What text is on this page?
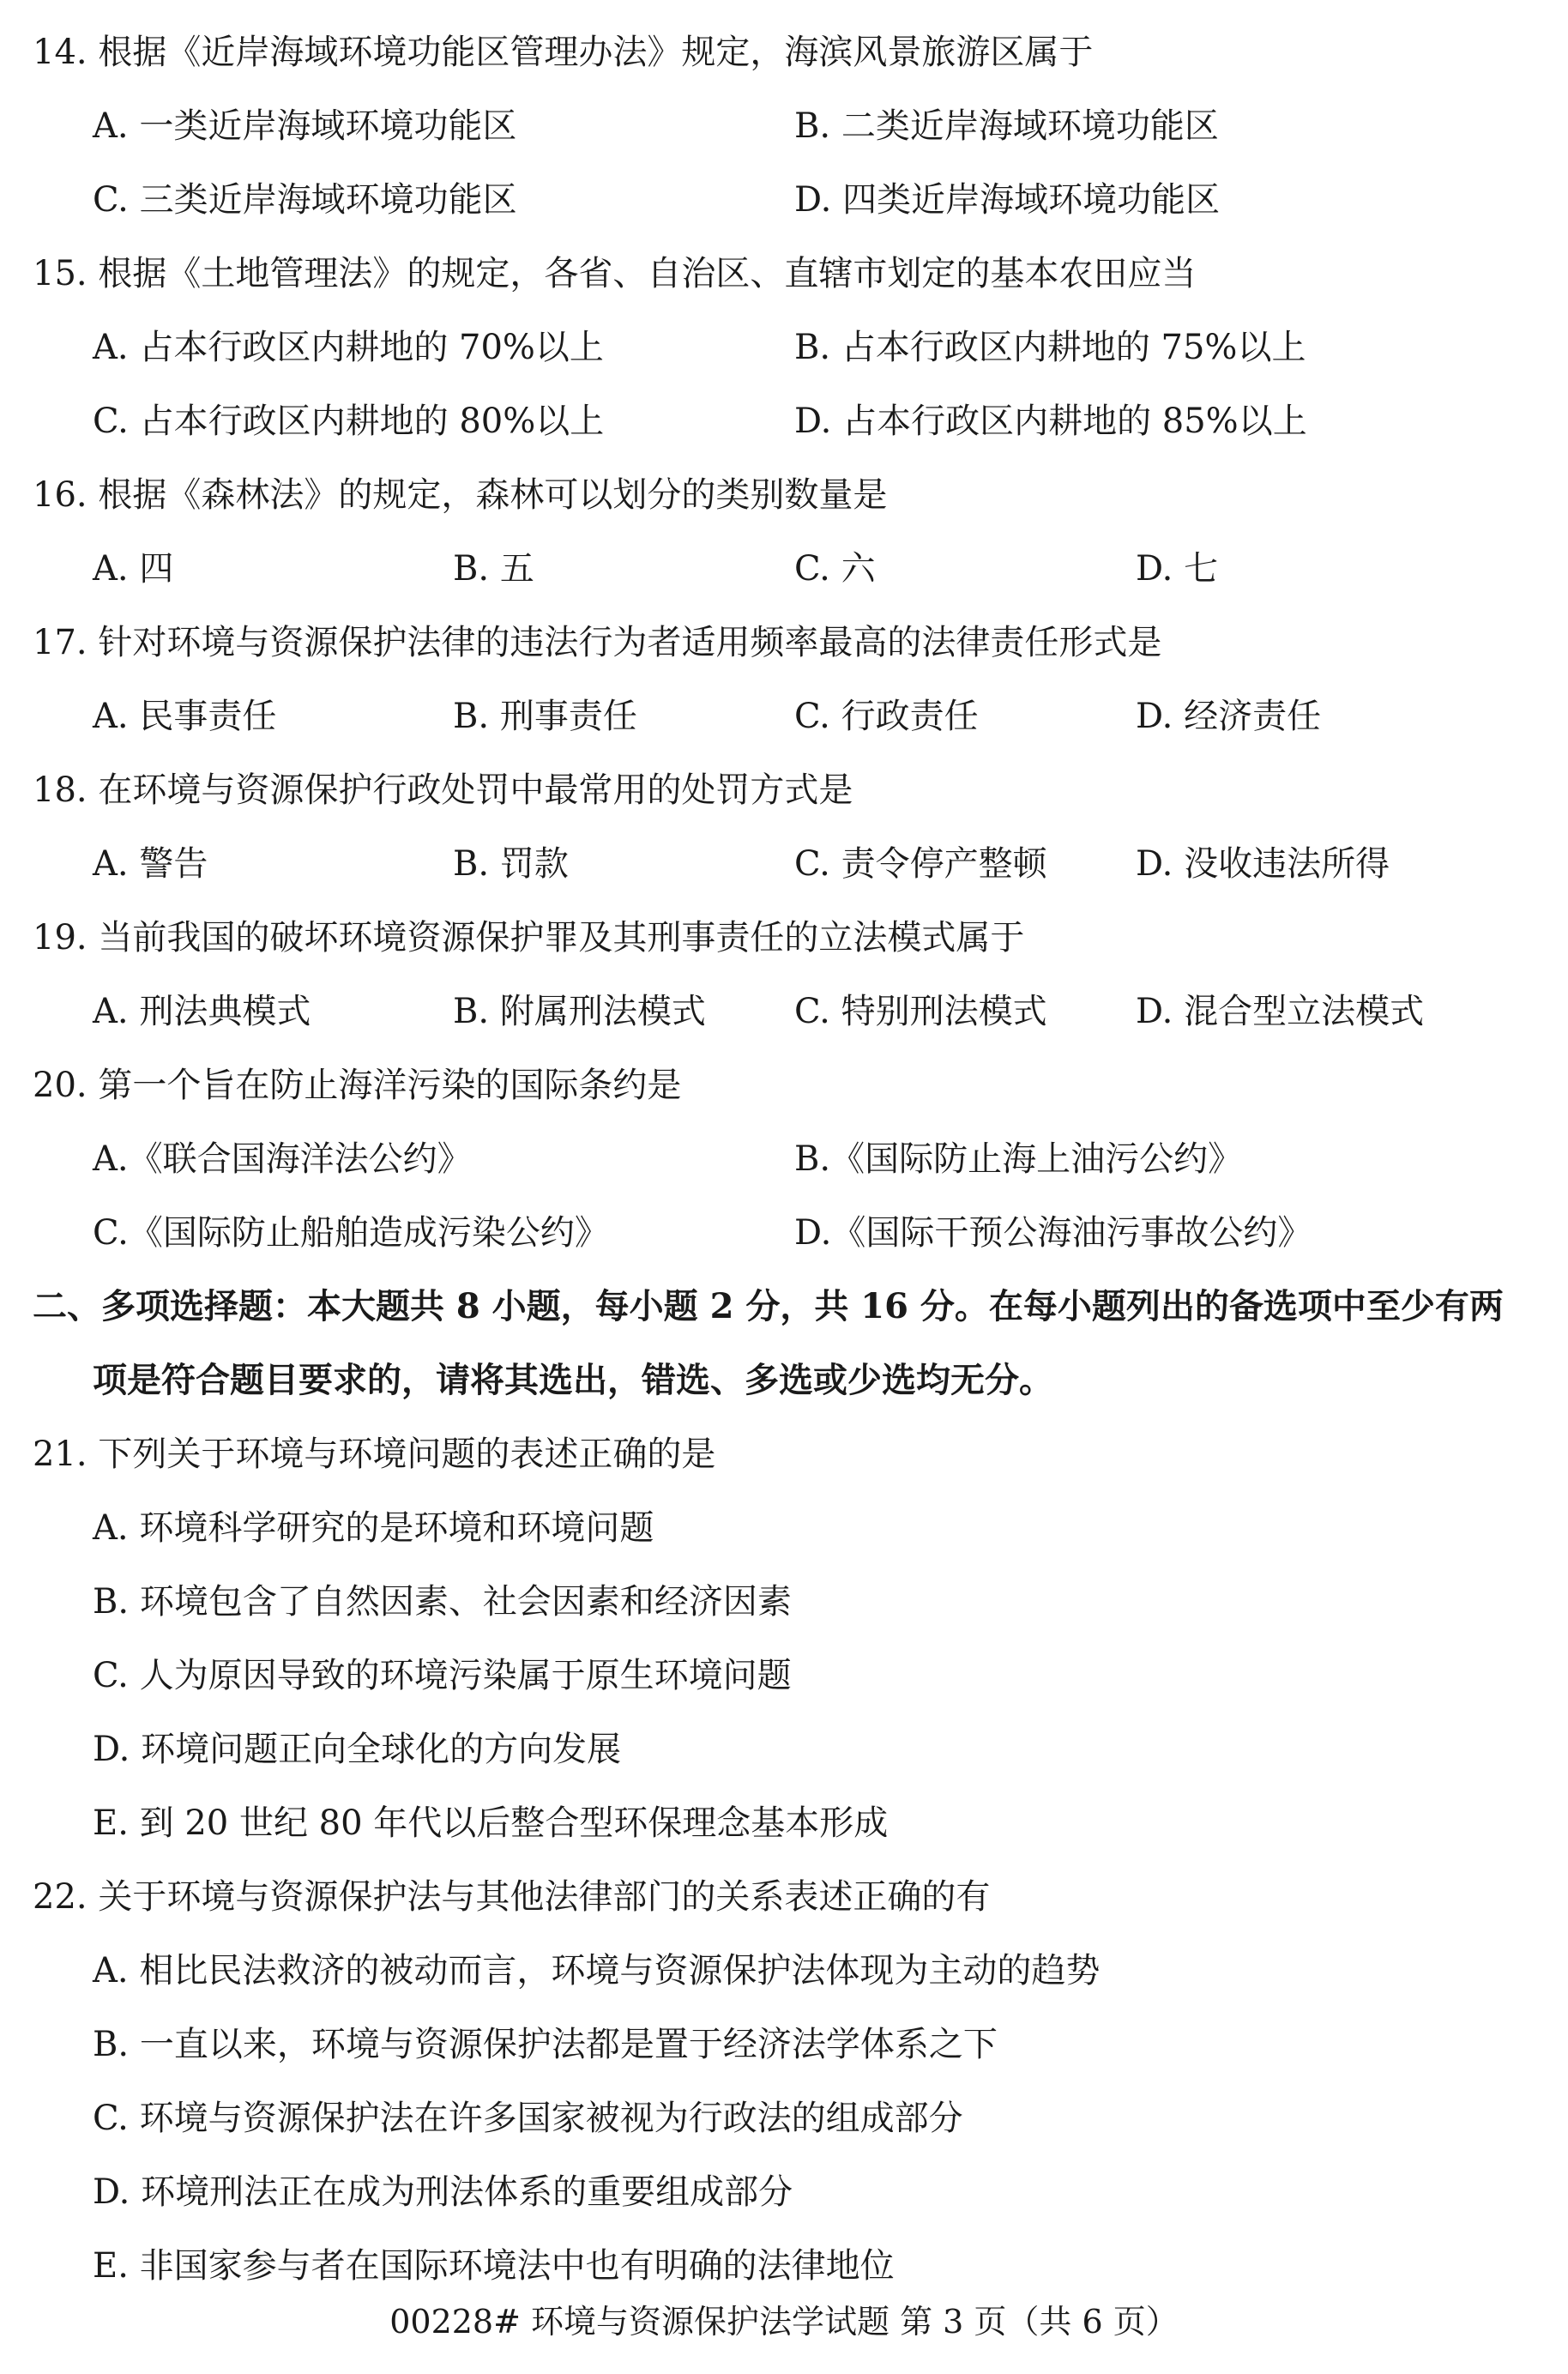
14. 根据《近岸海域环境功能区管理办法》规定，海滨风景旅游区属于
A. 一类近岸海域环境功能区	B. 二类近岸海域环境功能区
C. 三类近岸海域环境功能区	D. 四类近岸海域环境功能区
15. 根据《土地管理法》的规定，各省、自治区、直辖市划定的基本农田应当
A. 占本行政区内耕地的 70%以上	B. 占本行政区内耕地的 75%以上
C. 占本行政区内耕地的 80%以上	D. 占本行政区内耕地的 85%以上
16. 根据《森林法》的规定，森林可以划分的类别数量是
A. 四	B. 五	C. 六	D. 七
17. 针对环境与资源保护法律的违法行为者适用频率最高的法律责任形式是
A. 民事责任	B. 刑事责任	C. 行政责任	D. 经济责任
18. 在环境与资源保护行政处罚中最常用的处罚方式是
A. 警告	B. 罚款	C. 责令停产整顿	D. 没收违法所得
19. 当前我国的破坏环境资源保护罪及其刑事责任的立法模式属于
A. 刑法典模式	B. 附属刑法模式	C. 特别刑法模式	D. 混合型立法模式
20. 第一个旨在防止海洋污染的国际条约是
A.《联合国海洋法公约》	B.《国际防止海上油污公约》
C.《国际防止船舶造成污染公约》	D.《国际干预公海油污事故公约》
二、多项选择题：本大题共 8 小题，每小题 2 分，共 16 分。在每小题列出的备选项中至少有两
项是符合题目要求的，请将其选出，错选、多选或少选均无分。
21. 下列关于环境与环境问题的表述正确的是
A. 环境科学研究的是环境和环境问题
B. 环境包含了自然因素、社会因素和经济因素
C. 人为原因导致的环境污染属于原生环境问题
D. 环境问题正向全球化的方向发展
E. 到 20 世纪 80 年代以后整合型环保理念基本形成
22. 关于环境与资源保护法与其他法律部门的关系表述正确的有
A. 相比民法救济的被动而言，环境与资源保护法体现为主动的趋势
B. 一直以来，环境与资源保护法都是置于经济法学体系之下
C. 环境与资源保护法在许多国家被视为行政法的组成部分
D. 环境刑法正在成为刑法体系的重要组成部分
E. 非国家参与者在国际环境法中也有明确的法律地位
00228# 环境与资源保护法学试题 第 3 页（共 6 页）
